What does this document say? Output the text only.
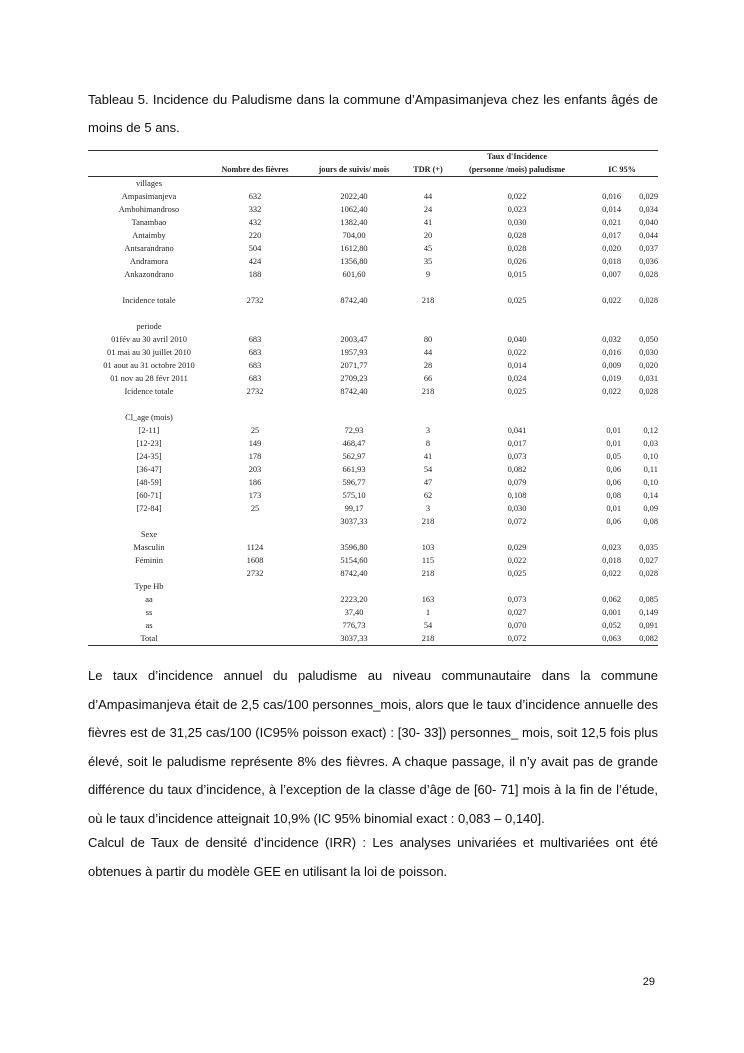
Tableau 5. Incidence du Paludisme dans la commune d’Ampasimanjeva chez les enfants âgés de moins de 5 ans.

				Taux d'Incidence		
	Nombre des fièvres	jours de suivis/ mois	TDR (+)	(personne /mois) paludisme	IC 95%	
villages						
Ampasimanjeva	632	2022,40	44	0,022	0,016	0,029
Ambohimandroso	332	1062,40	24	0,023	0,014	0,034
Tanambao	432	1382,40	41	0,030	0,021	0,040
Antaimby	220	704,00	20	0,028	0,017	0,044
Antsarandrano	504	1612,80	45	0,028	0,020	0,037
Andramora	424	1356,80	35	0,026	0,018	0,036
Ankazondrano	188	601,60	9	0,015	0,007	0,028

Incidence totale	2732	8742,40	218	0,025	0,022	0,028

periode						
01fév au 30 avril 2010	683	2003,47	80	0,040	0,032	0,050
01 mai au 30 juillet 2010	683	1957,93	44	0,022	0,016	0,030
01 aout au 31 octobre 2010	683	2071,77	28	0,014	0,009	0,020
01 nov au 28 févr 2011	683	2709,23	66	0,024	0,019	0,031
Icidence totale	2732	8742,40	218	0,025	0,022	0,028

Cl_age (mois)						
[2-11]	25	72,93	3	0,041	0,01	0,12
[12-23]	149	468,47	8	0,017	0,01	0,03
[24-35]	178	562,97	41	0,073	0,05	0,10
[36-47]	203	661,93	54	0,082	0,06	0,11
[48-59]	186	596,77	47	0,079	0,06	0,10
[60-71]	173	575,10	62	0,108	0,08	0,14
[72-84]	25	99,17	3	0,030	0,01	0,09
		3037,33	218	0,072	0,06	0,08
Sexe						
Masculin	1124	3596,80	103	0,029	0,023	0,035
Féminin	1608	5154,60	115	0,022	0,018	0,027
	2732	8742,40	218	0,025	0,022	0,028
Type Hb						
aa		2223,20	163	0,073	0,062	0,085
ss		37,40	1	0,027	0,001	0,149
as		776,73	54	0,070	0,052	0,091
Total		3037,33	218	0,072	0,063	0,082

Le taux d’incidence annuel du paludisme au niveau communautaire dans la commune d’Ampasimanjeva était de 2,5 cas/100 personnes_mois, alors que le taux d’incidence annuelle des fièvres est de 31,25 cas/100 (IC95% poisson exact) : [30- 33]) personnes_ mois, soit 12,5 fois plus élevé, soit le paludisme représente 8% des fièvres. A chaque passage, il n’y avait pas de grande différence du taux d’incidence, à l’exception de la classe d’âge de [60- 71] mois à la fin de l’étude, où le taux d’incidence atteignait 10,9% (IC 95% binomial exact : 0,083 – 0,140].

Calcul de Taux de densité d’incidence (IRR) : Les analyses univariées et multivariées ont été obtenues à partir du modèle GEE en utilisant la loi de poisson.

29
